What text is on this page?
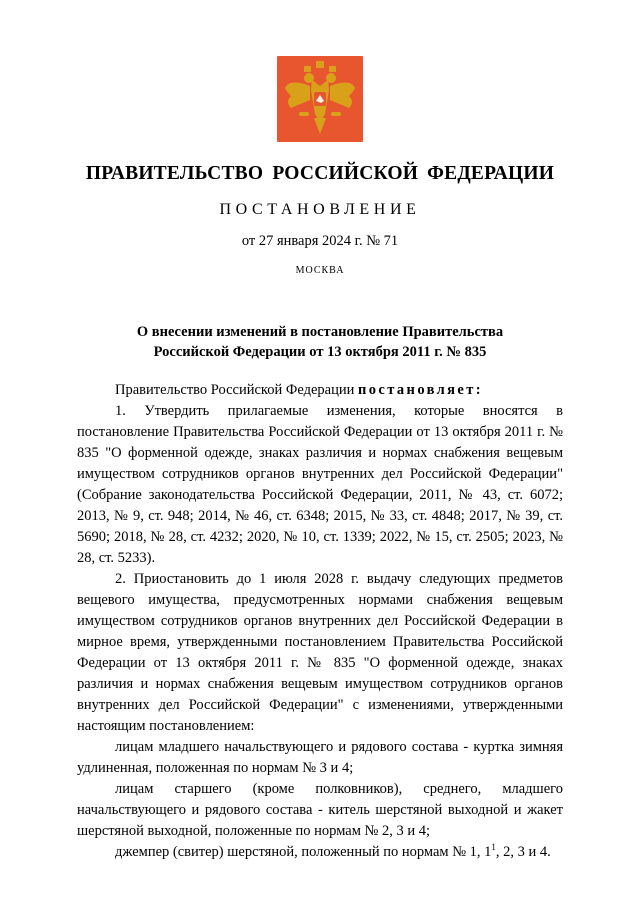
ПРАВИТЕЛЬСТВО РОССИЙСКОЙ ФЕДЕРАЦИИ
ПОСТАНОВЛЕНИЕ
от 27 января 2024 г. № 71
МОСКВА
О внесении изменений в постановление Правительства
Российской Федерации от 13 октября 2011 г. № 835

Правительство Российской Федерации постановляет:

1. Утвердить прилагаемые изменения, которые вносятся в постановление Правительства Российской Федерации от 13 октября 2011 г. № 835 "О форменной одежде, знаках различия и нормах снабжения вещевым имуществом сотрудников органов внутренних дел Российской Федерации" (Собрание законодательства Российской Федерации, 2011, № 43, ст. 6072; 2013, № 9, ст. 948; 2014, № 46, ст. 6348; 2015, № 33, ст. 4848; 2017, № 39, ст. 5690; 2018, № 28, ст. 4232; 2020, № 10, ст. 1339; 2022, № 15, ст. 2505; 2023, № 28, ст. 5233).

2. Приостановить до 1 июля 2028 г. выдачу следующих предметов вещевого имущества, предусмотренных нормами снабжения вещевым имуществом сотрудников органов внутренних дел Российской Федерации в мирное время, утвержденными постановлением Правительства Российской Федерации от 13 октября 2011 г. № 835 "О форменной одежде, знаках различия и нормах снабжения вещевым имуществом сотрудников органов внутренних дел Российской Федерации" с изменениями, утвержденными настоящим постановлением:

лицам младшего начальствующего и рядового состава - куртка зимняя удлиненная, положенная по нормам № 3 и 4;

лицам старшего (кроме полковников), среднего, младшего начальствующего и рядового состава - китель шерстяной выходной и жакет шерстяной выходной, положенные по нормам № 2, 3 и 4;

джемпер (свитер) шерстяной, положенный по нормам № 1, $1^1$, 2, 3 и 4.
